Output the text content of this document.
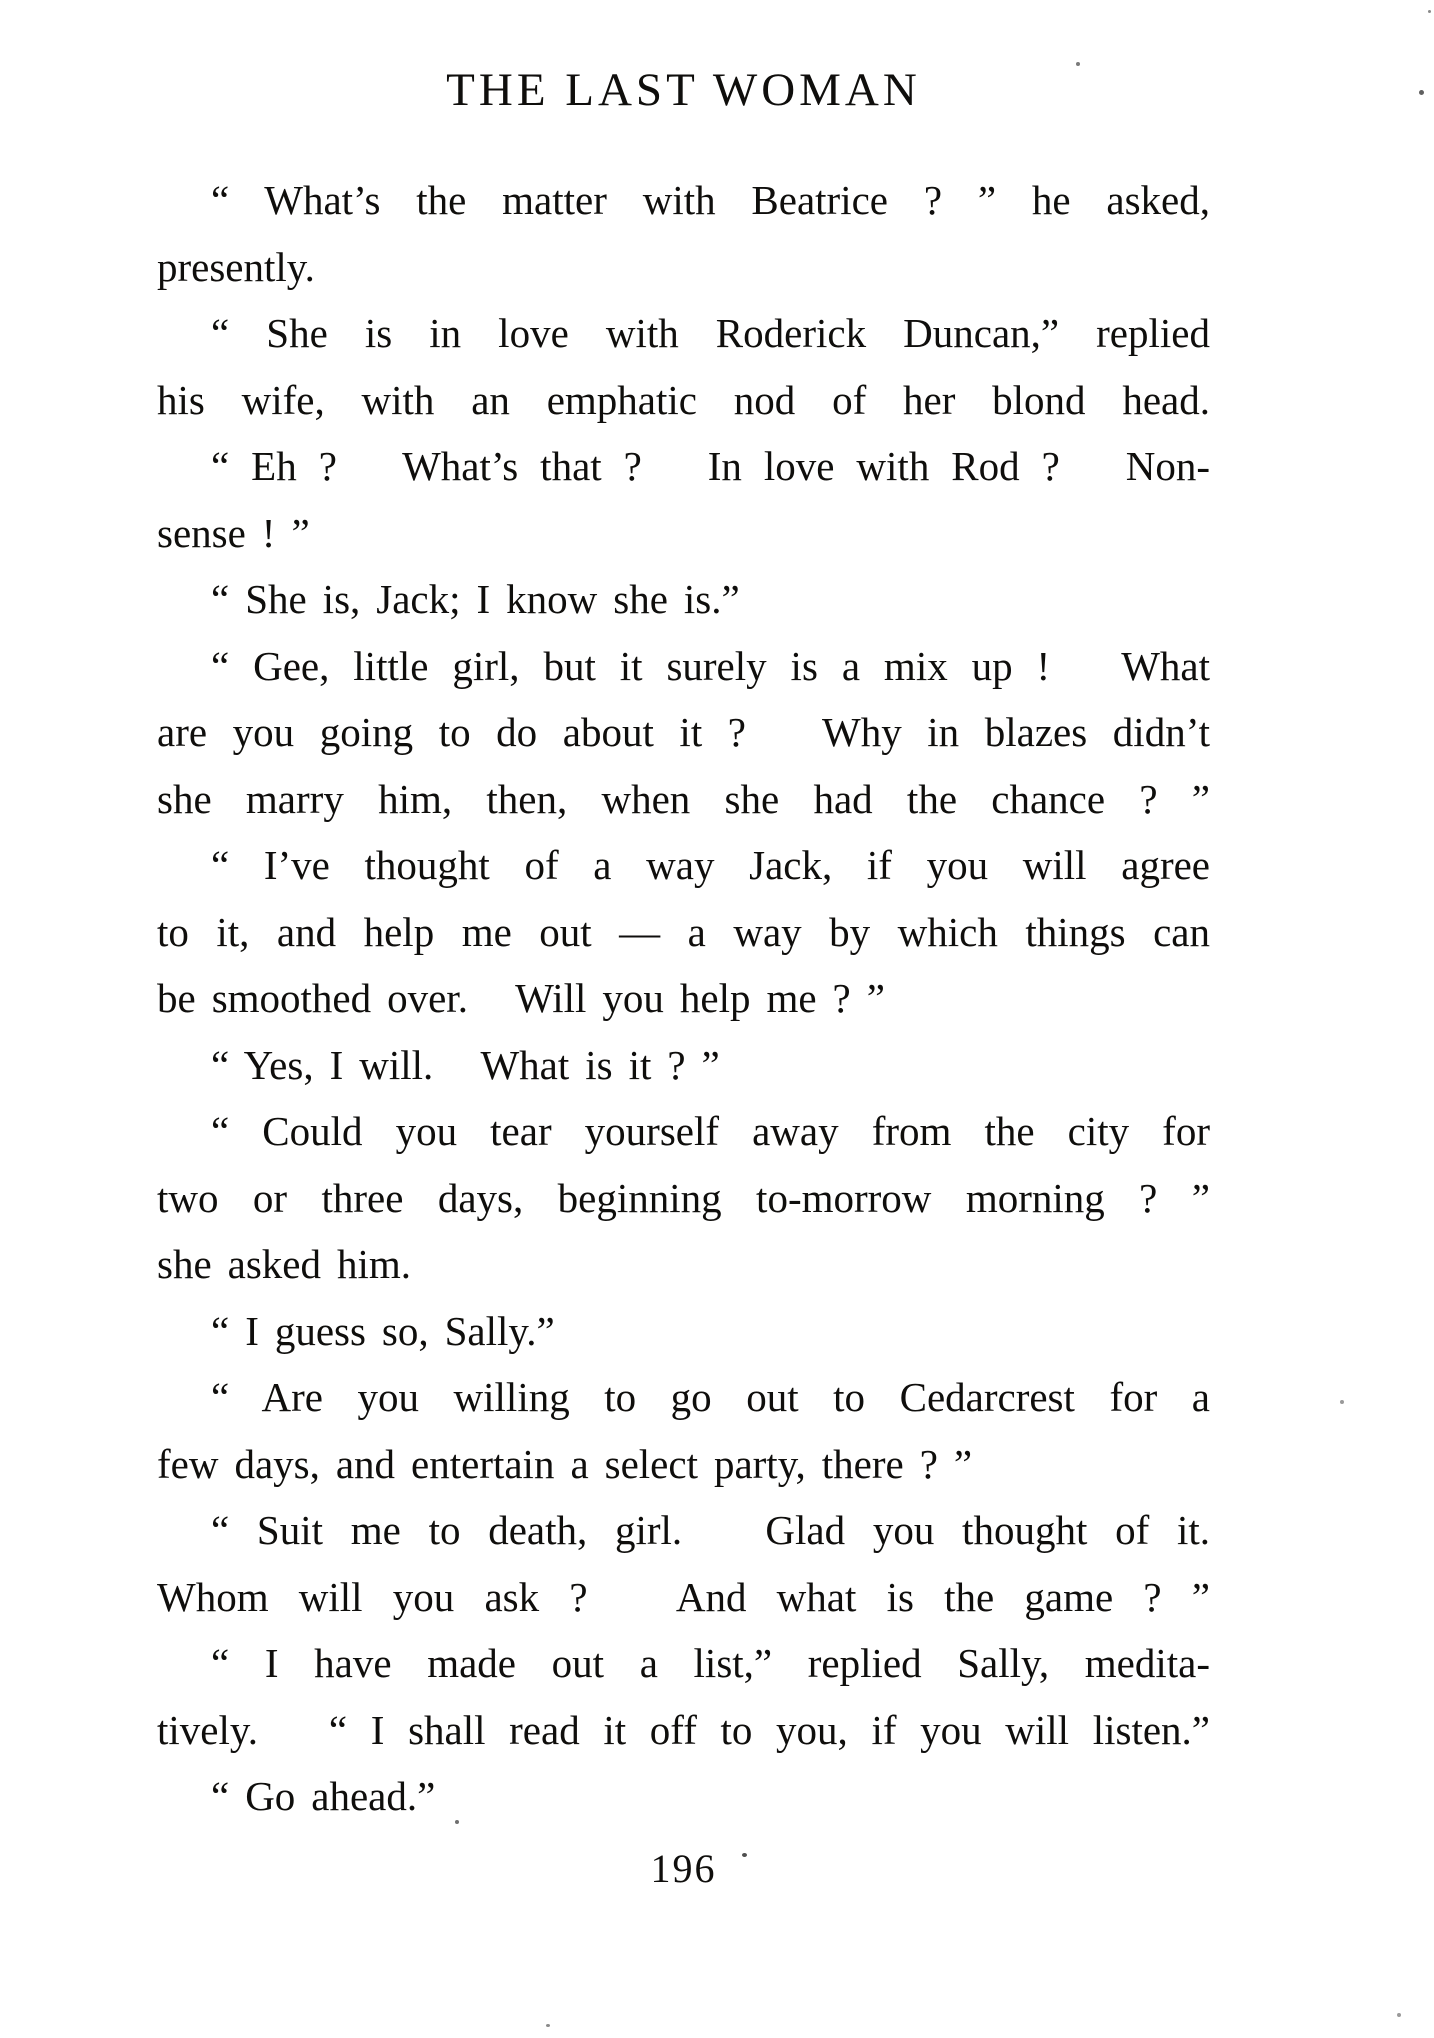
THE LAST WOMAN
“ What’s the matter with Beatrice ? ” he asked,
presently.
“ She is in love with Roderick Duncan,” replied
his wife, with an emphatic nod of her blond head.
“ Eh ?   What’s that ?   In love with Rod ?   Non-
sense ! ”
“ She is, Jack; I know she is.”
“ Gee, little girl, but it surely is a mix up !   What
are you going to do about it ?   Why in blazes didn’t
she marry him, then, when she had the chance ? ”
“ I’ve thought of a way Jack, if you will agree
to it, and help me out — a way by which things can
be smoothed over.   Will you help me ? ”
“ Yes, I will.   What is it ? ”
“ Could you tear yourself away from the city for
two or three days, beginning to-morrow morning ? ”
she asked him.
“ I guess so, Sally.”
“ Are you willing to go out to Cedarcrest for a
few days, and entertain a select party, there ? ”
“ Suit me to death, girl.   Glad you thought of it.
Whom will you ask ?   And what is the game ? ”
“ I have made out a list,” replied Sally, medita-
tively.   “ I shall read it off to you, if you will listen.”
“ Go ahead.”
196
